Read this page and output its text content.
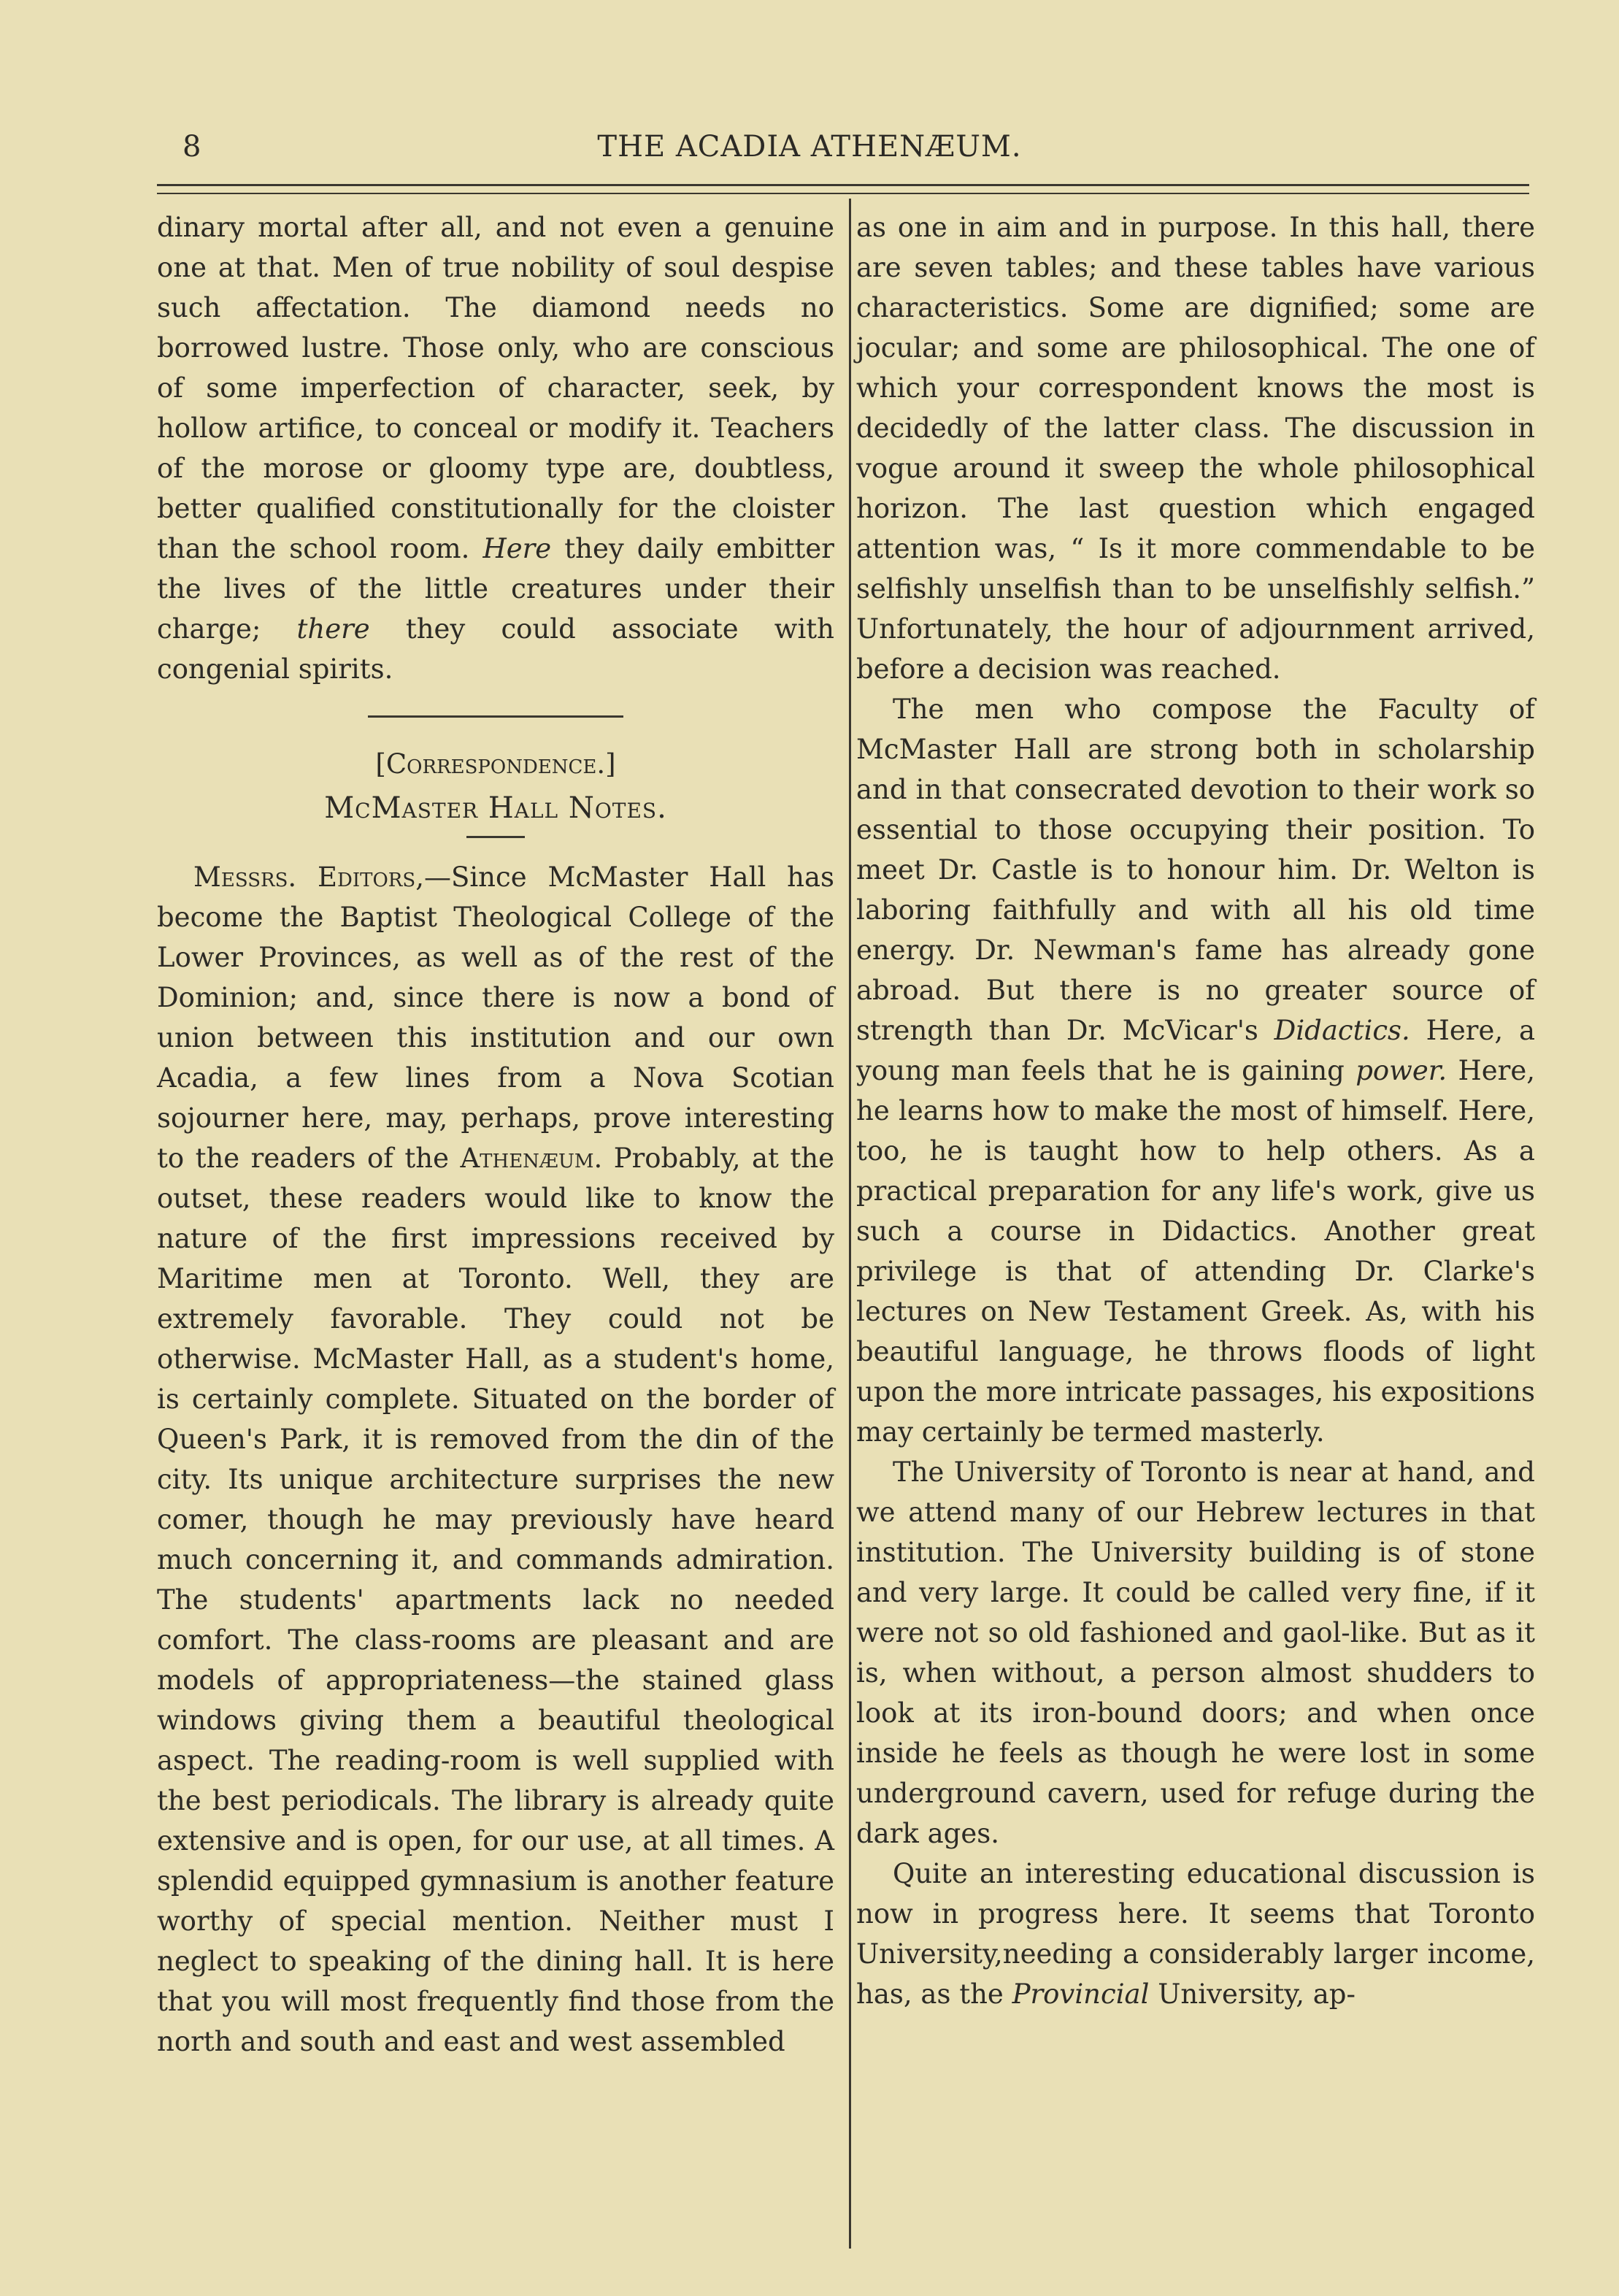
8	THE ACADIA ATHENÆUM.

dinary mortal after all, and not even a genuine one at that. Men of true nobility of soul despise such affectation. The diamond needs no borrowed lustre. Those only, who are conscious of some imperfection of character, seek, by hollow artifice, to conceal or modify it. Teachers of the morose or gloomy type are, doubtless, better qualified constitutionally for the cloister than the school room. Here they daily embitter the lives of the little creatures under their charge; there they could associate with congenial spirits.

[Correspondence.]
McMaster Hall Notes.

Messrs. Editors,—Since McMaster Hall has become the Baptist Theological College of the Lower Provinces, as well as of the rest of the Dominion; and, since there is now a bond of union between this institution and our own Acadia, a few lines from a Nova Scotian sojourner here, may, perhaps, prove interesting to the readers of the Athenæum. Probably, at the outset, these readers would like to know the nature of the first impressions received by Maritime men at Toronto. Well, they are extremely favorable. They could not be otherwise. McMaster Hall, as a student's home, is certainly complete. Situated on the border of Queen's Park, it is removed from the din of the city. Its unique architecture surprises the new comer, though he may previously have heard much concerning it, and commands admiration. The students' apartments lack no needed comfort. The class-rooms are pleasant and are models of appropriateness—the stained glass windows giving them a beautiful theological aspect. The reading-room is well supplied with the best periodicals. The library is already quite extensive and is open, for our use, at all times. A splendid equipped gymnasium is another feature worthy of special mention. Neither must I neglect to speaking of the dining hall. It is here that you will most frequently find those from the north and south and east and west assembled

as one in aim and in purpose. In this hall, there are seven tables; and these tables have various characteristics. Some are dignified; some are jocular; and some are philosophical. The one of which your correspondent knows the most is decidedly of the latter class. The discussion in vogue around it sweep the whole philosophical horizon. The last question which engaged attention was, “ Is it more commendable to be selfishly unselfish than to be unselfishly selfish.” Unfortunately, the hour of adjournment arrived, before a decision was reached.

The men who compose the Faculty of McMaster Hall are strong both in scholarship and in that consecrated devotion to their work so essential to those occupying their position. To meet Dr. Castle is to honour him. Dr. Welton is laboring faithfully and with all his old time energy. Dr. Newman's fame has already gone abroad. But there is no greater source of strength than Dr. McVicar's Didactics. Here, a young man feels that he is gaining power. Here, he learns how to make the most of himself. Here, too, he is taught how to help others. As a practical preparation for any life's work, give us such a course in Didactics. Another great privilege is that of attending Dr. Clarke's lectures on New Testament Greek. As, with his beautiful language, he throws floods of light upon the more intricate passages, his expositions may certainly be termed masterly.

The University of Toronto is near at hand, and we attend many of our Hebrew lectures in that institution. The University building is of stone and very large. It could be called very fine, if it were not so old fashioned and gaol-like. But as it is, when without, a person almost shudders to look at its iron-bound doors; and when once inside he feels as though he were lost in some underground cavern, used for refuge during the dark ages.

Quite an interesting educational discussion is now in progress here. It seems that Toronto University,needing a considerably larger income, has, as the Provincial University, ap-
